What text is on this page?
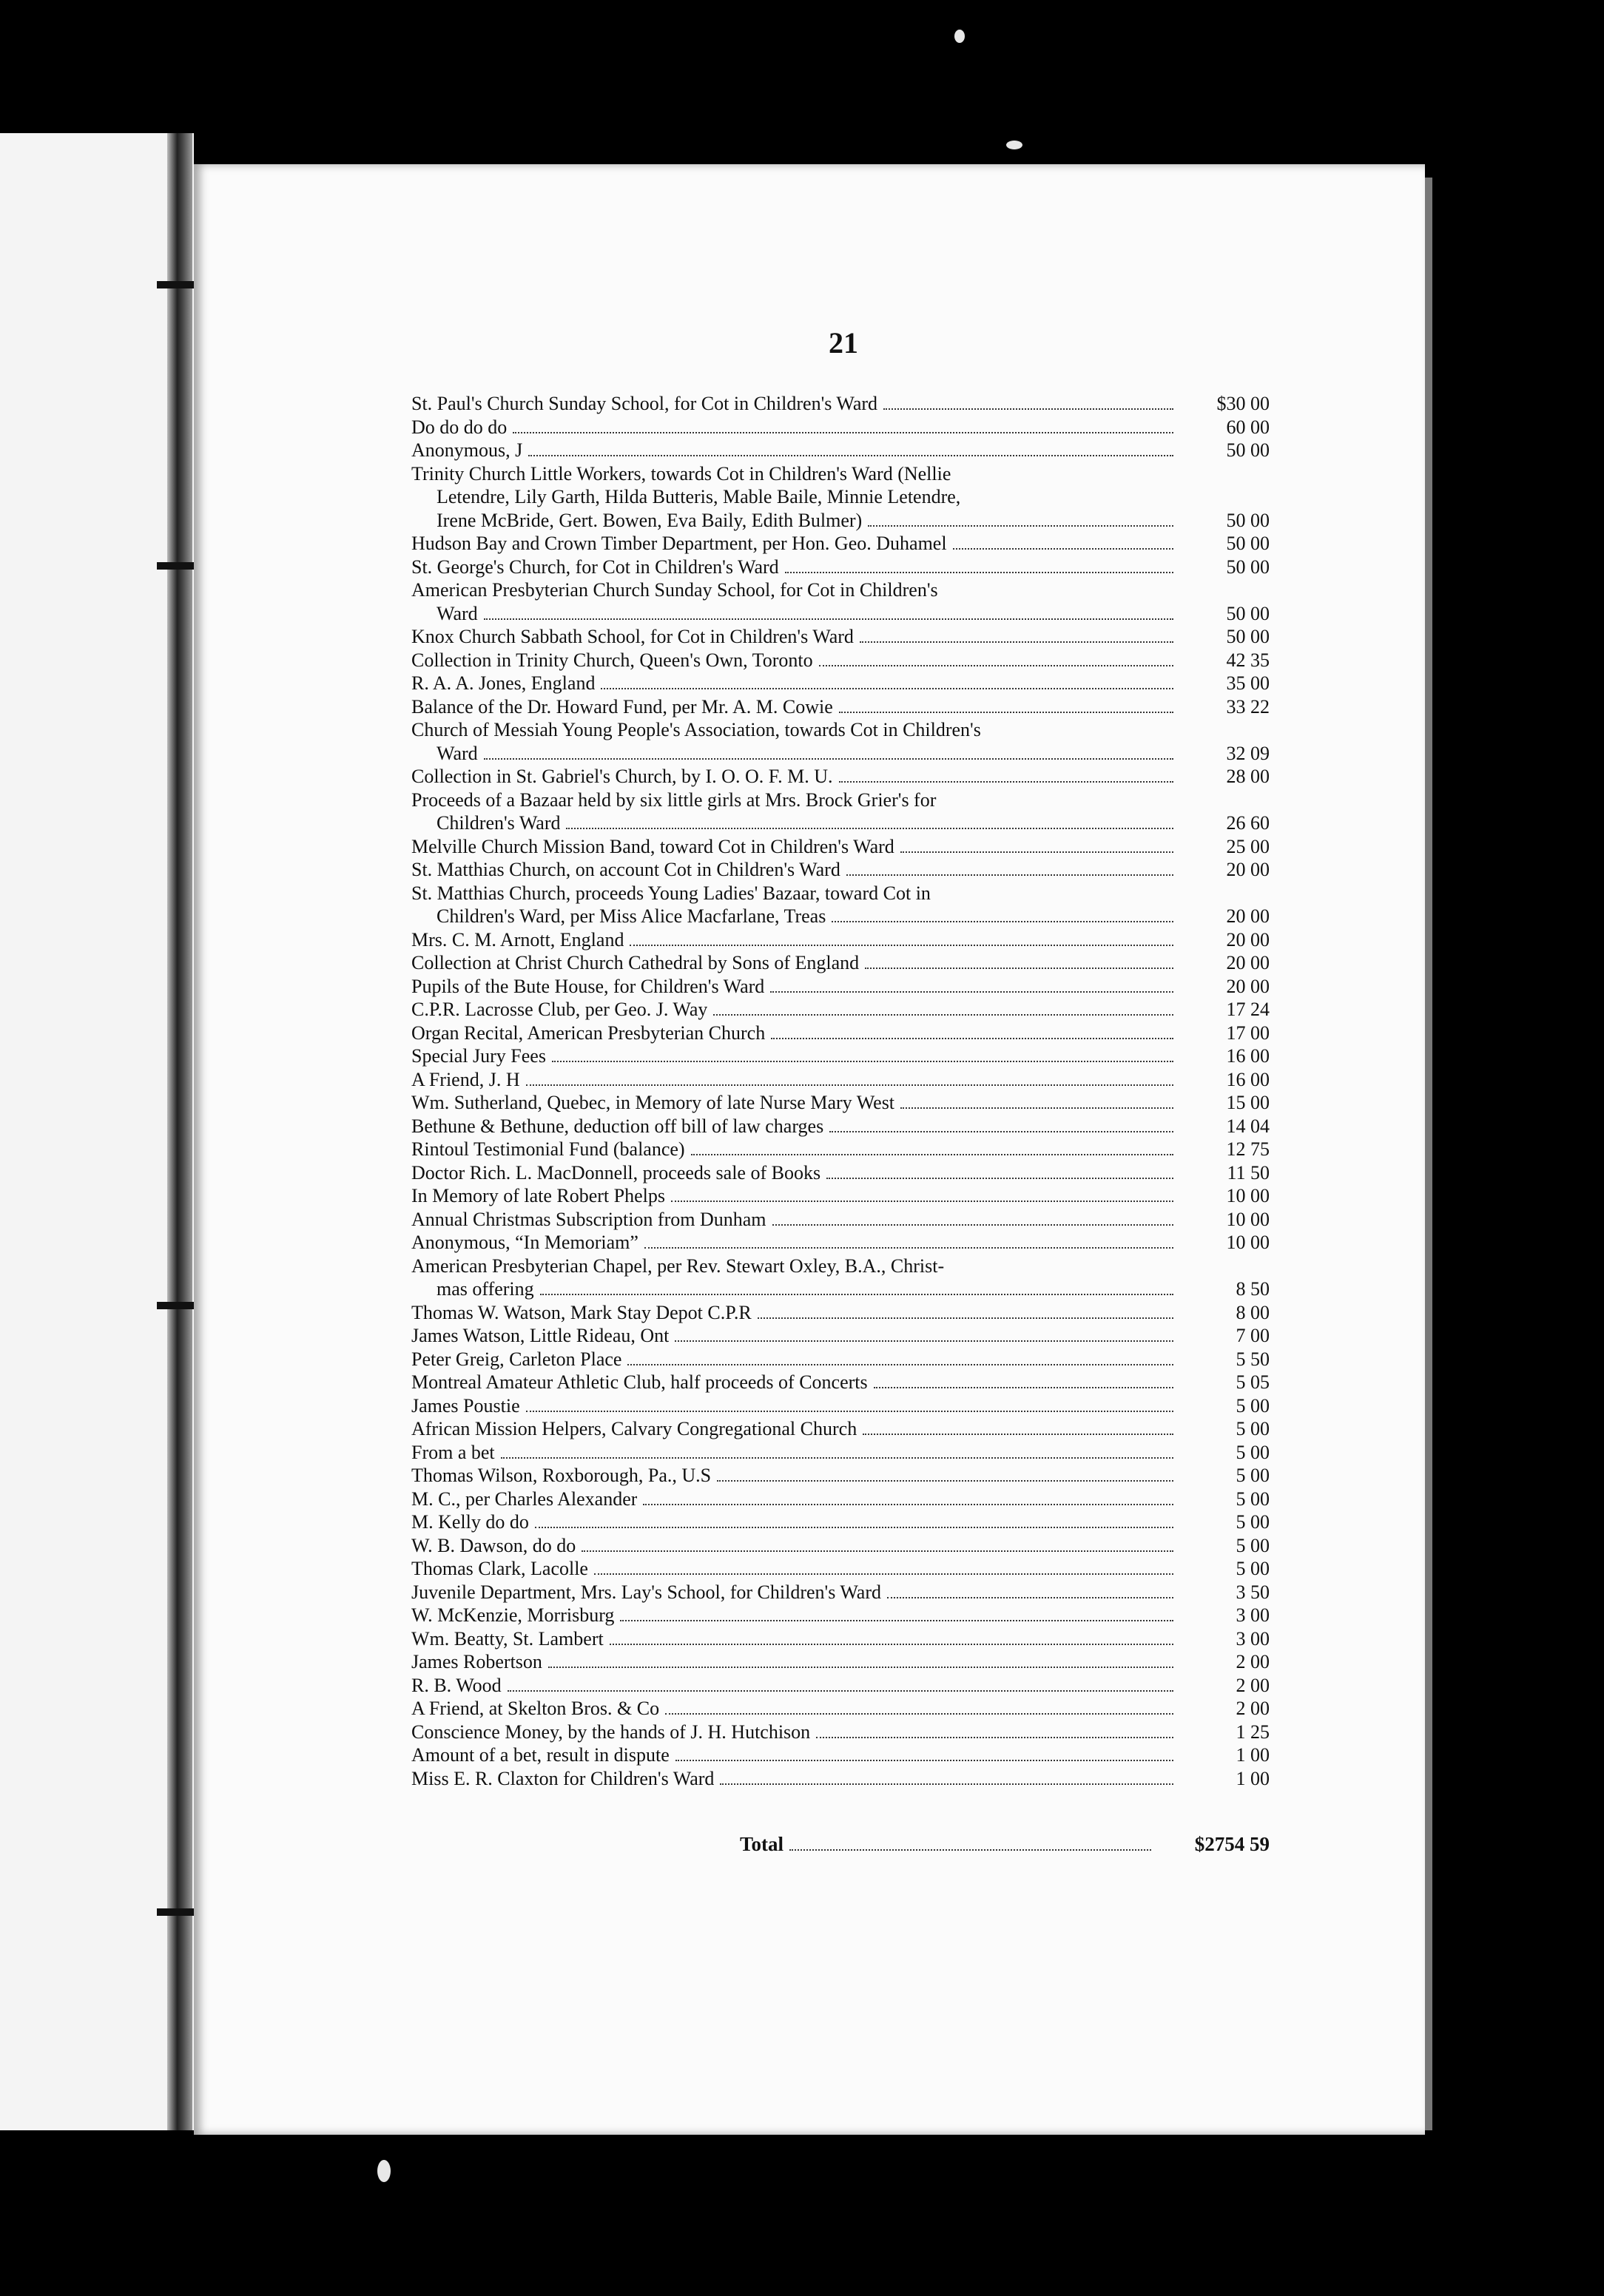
21
St. Paul's Church Sunday School, for Cot in Children's Ward	$30 00
Do do do do	60 00
Anonymous, J	50 00
Trinity Church Little Workers, towards Cot in Children's Ward (Nellie
Letendre, Lily Garth, Hilda Butteris, Mable Baile, Minnie Letendre,
Irene McBride, Gert. Bowen, Eva Baily, Edith Bulmer)	50 00
Hudson Bay and Crown Timber Department, per Hon. Geo. Duhamel	50 00
St. George's Church, for Cot in Children's Ward	50 00
American Presbyterian Church Sunday School, for Cot in Children's
Ward	50 00
Knox Church Sabbath School, for Cot in Children's Ward	50 00
Collection in Trinity Church, Queen's Own, Toronto	42 35
R. A. A. Jones, England	35 00
Balance of the Dr. Howard Fund, per Mr. A. M. Cowie	33 22
Church of Messiah Young People's Association, towards Cot in Children's
Ward	32 09
Collection in St. Gabriel's Church, by I. O. O. F. M. U.	28 00
Proceeds of a Bazaar held by six little girls at Mrs. Brock Grier's for
Children's Ward	26 60
Melville Church Mission Band, toward Cot in Children's Ward	25 00
St. Matthias Church, on account Cot in Children's Ward	20 00
St. Matthias Church, proceeds Young Ladies' Bazaar, toward Cot in
Children's Ward, per Miss Alice Macfarlane, Treas	20 00
Mrs. C. M. Arnott, England	20 00
Collection at Christ Church Cathedral by Sons of England	20 00
Pupils of the Bute House, for Children's Ward	20 00
C.P.R. Lacrosse Club, per Geo. J. Way	17 24
Organ Recital, American Presbyterian Church	17 00
Special Jury Fees	16 00
A Friend, J. H	16 00
Wm. Sutherland, Quebec, in Memory of late Nurse Mary West	15 00
Bethune & Bethune, deduction off bill of law charges	14 04
Rintoul Testimonial Fund (balance)	12 75
Doctor Rich. L. MacDonnell, proceeds sale of Books	11 50
In Memory of late Robert Phelps	10 00
Annual Christmas Subscription from Dunham	10 00
Anonymous, “In Memoriam”	10 00
American Presbyterian Chapel, per Rev. Stewart Oxley, B.A., Christ-
mas offering	8 50
Thomas W. Watson, Mark Stay Depot C.P.R	8 00
James Watson, Little Rideau, Ont	7 00
Peter Greig, Carleton Place	5 50
Montreal Amateur Athletic Club, half proceeds of Concerts	5 05
James Poustie	5 00
African Mission Helpers, Calvary Congregational Church	5 00
From a bet	5 00
Thomas Wilson, Roxborough, Pa., U.S	5 00
M. C., per Charles Alexander	5 00
M. Kelly do do	5 00
W. B. Dawson, do do	5 00
Thomas Clark, Lacolle	5 00
Juvenile Department, Mrs. Lay's School, for Children's Ward	3 50
W. McKenzie, Morrisburg	3 00
Wm. Beatty, St. Lambert	3 00
James Robertson	2 00
R. B. Wood	2 00
A Friend, at Skelton Bros. & Co	2 00
Conscience Money, by the hands of J. H. Hutchison	1 25
Amount of a bet, result in dispute	1 00
Miss E. R. Claxton for Children's Ward	1 00
Total	$2754 59
